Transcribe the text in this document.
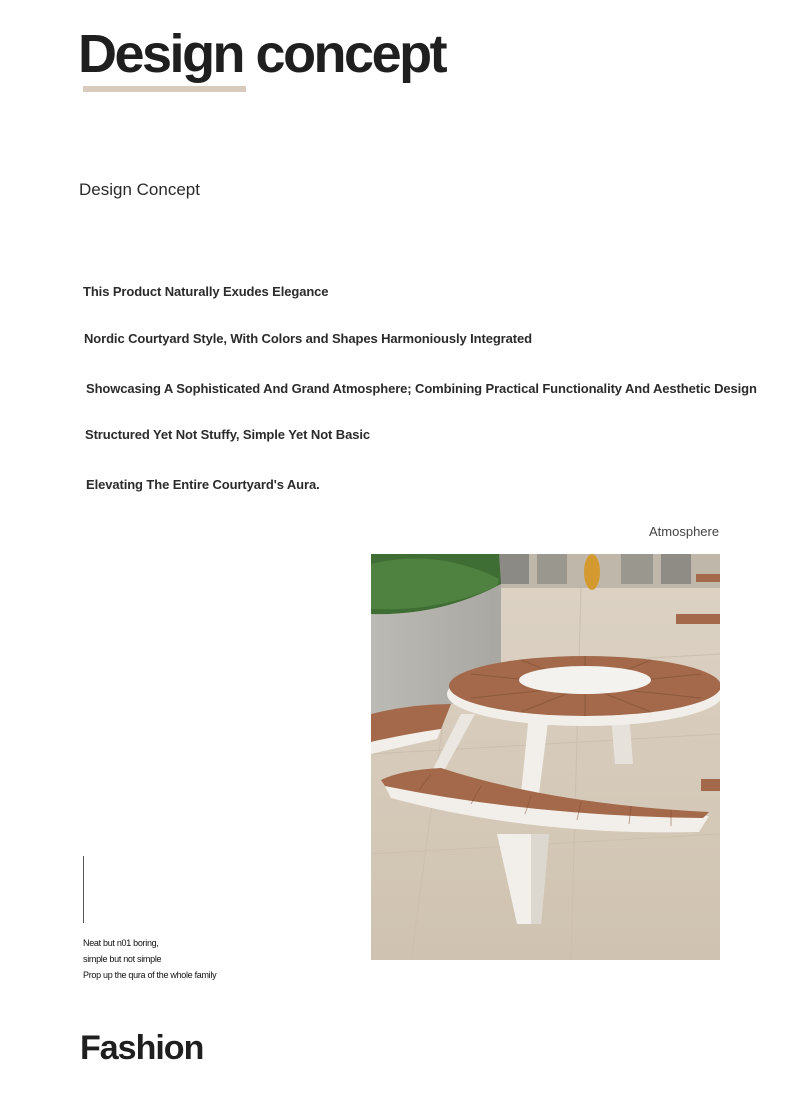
Design concept
Design Concept
This Product Naturally Exudes Elegance
Nordic Courtyard Style, With Colors and Shapes Harmoniously Integrated
Showcasing A Sophisticated And Grand Atmosphere; Combining Practical Functionality And Aesthetic Design
Structured Yet Not Stuffy, Simple Yet Not Basic
Elevating The Entire Courtyard's Aura.
Atmosphere
Neat but n01 boring,
simple but not simple
Prop up the qura of the whole family
Fashion
